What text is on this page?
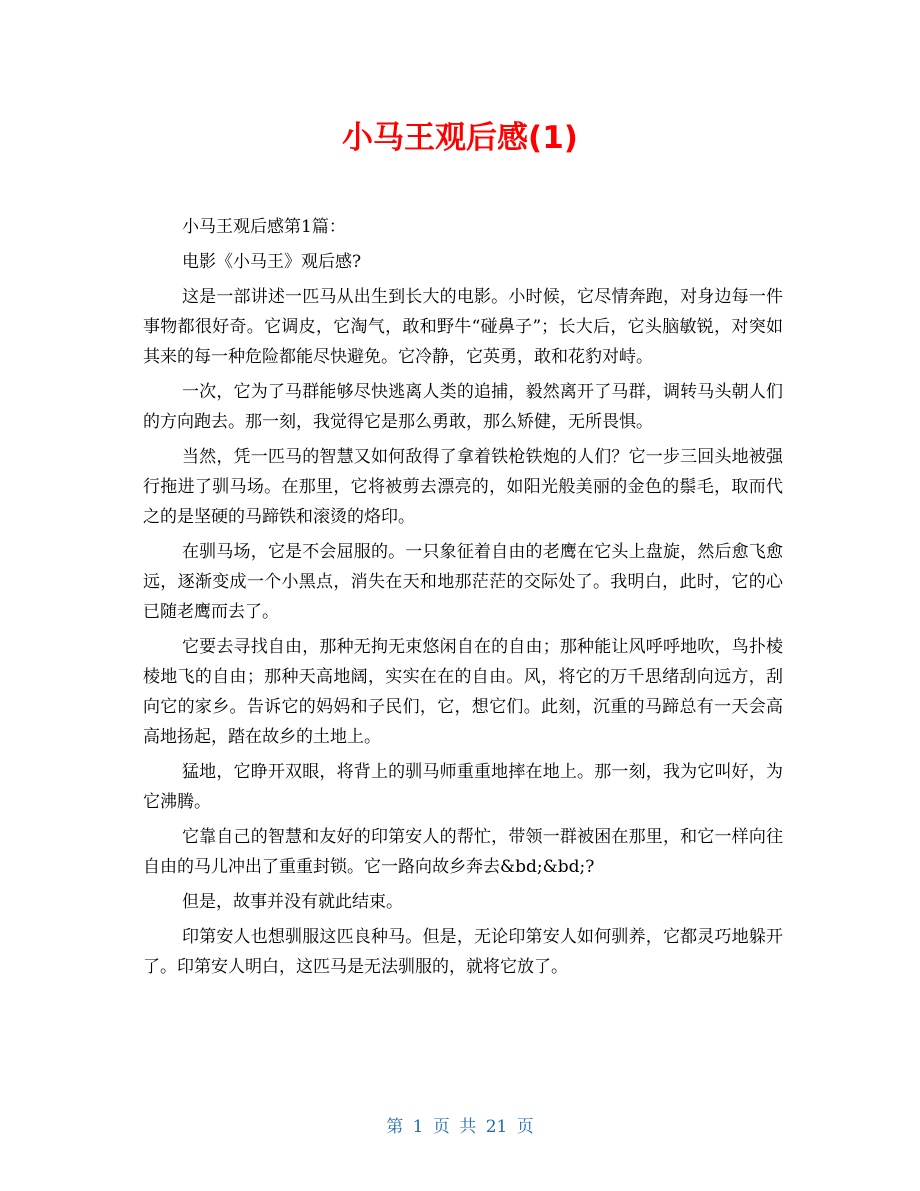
小马王观后感(1)

小马王观后感第1篇：

电影《小马王》观后感?

这是一部讲述一匹马从出生到长大的电影。小时候，它尽情奔跑，对身边每一件事物都很好奇。它调皮，它淘气，敢和野牛“碰鼻子”；长大后，它头脑敏锐，对突如其来的每一种危险都能尽快避免。它冷静，它英勇，敢和花豹对峙。

一次，它为了马群能够尽快逃离人类的追捕，毅然离开了马群，调转马头朝人们的方向跑去。那一刻，我觉得它是那么勇敢，那么矫健，无所畏惧。

当然，凭一匹马的智慧又如何敌得了拿着铁枪铁炮的人们？它一步三回头地被强行拖进了驯马场。在那里，它将被剪去漂亮的，如阳光般美丽的金色的鬃毛，取而代之的是坚硬的马蹄铁和滚烫的烙印。

在驯马场，它是不会屈服的。一只象征着自由的老鹰在它头上盘旋，然后愈飞愈远，逐渐变成一个小黑点，消失在天和地那茫茫的交际处了。我明白，此时，它的心已随老鹰而去了。

它要去寻找自由，那种无拘无束悠闲自在的自由；那种能让风呼呼地吹，鸟扑棱棱地飞的自由；那种天高地阔，实实在在的自由。风，将它的万千思绪刮向远方，刮向它的家乡。告诉它的妈妈和子民们，它，想它们。此刻，沉重的马蹄总有一天会高高地扬起，踏在故乡的土地上。

猛地，它睁开双眼，将背上的驯马师重重地摔在地上。那一刻，我为它叫好，为它沸腾。

它靠自己的智慧和友好的印第安人的帮忙，带领一群被困在那里，和它一样向往自由的马儿冲出了重重封锁。它一路向故乡奔去&bd;&bd;?

但是，故事并没有就此结束。

印第安人也想驯服这匹良种马。但是，无论印第安人如何驯养，它都灵巧地躲开了。印第安人明白，这匹马是无法驯服的，就将它放了。

第 1 页 共 21 页
